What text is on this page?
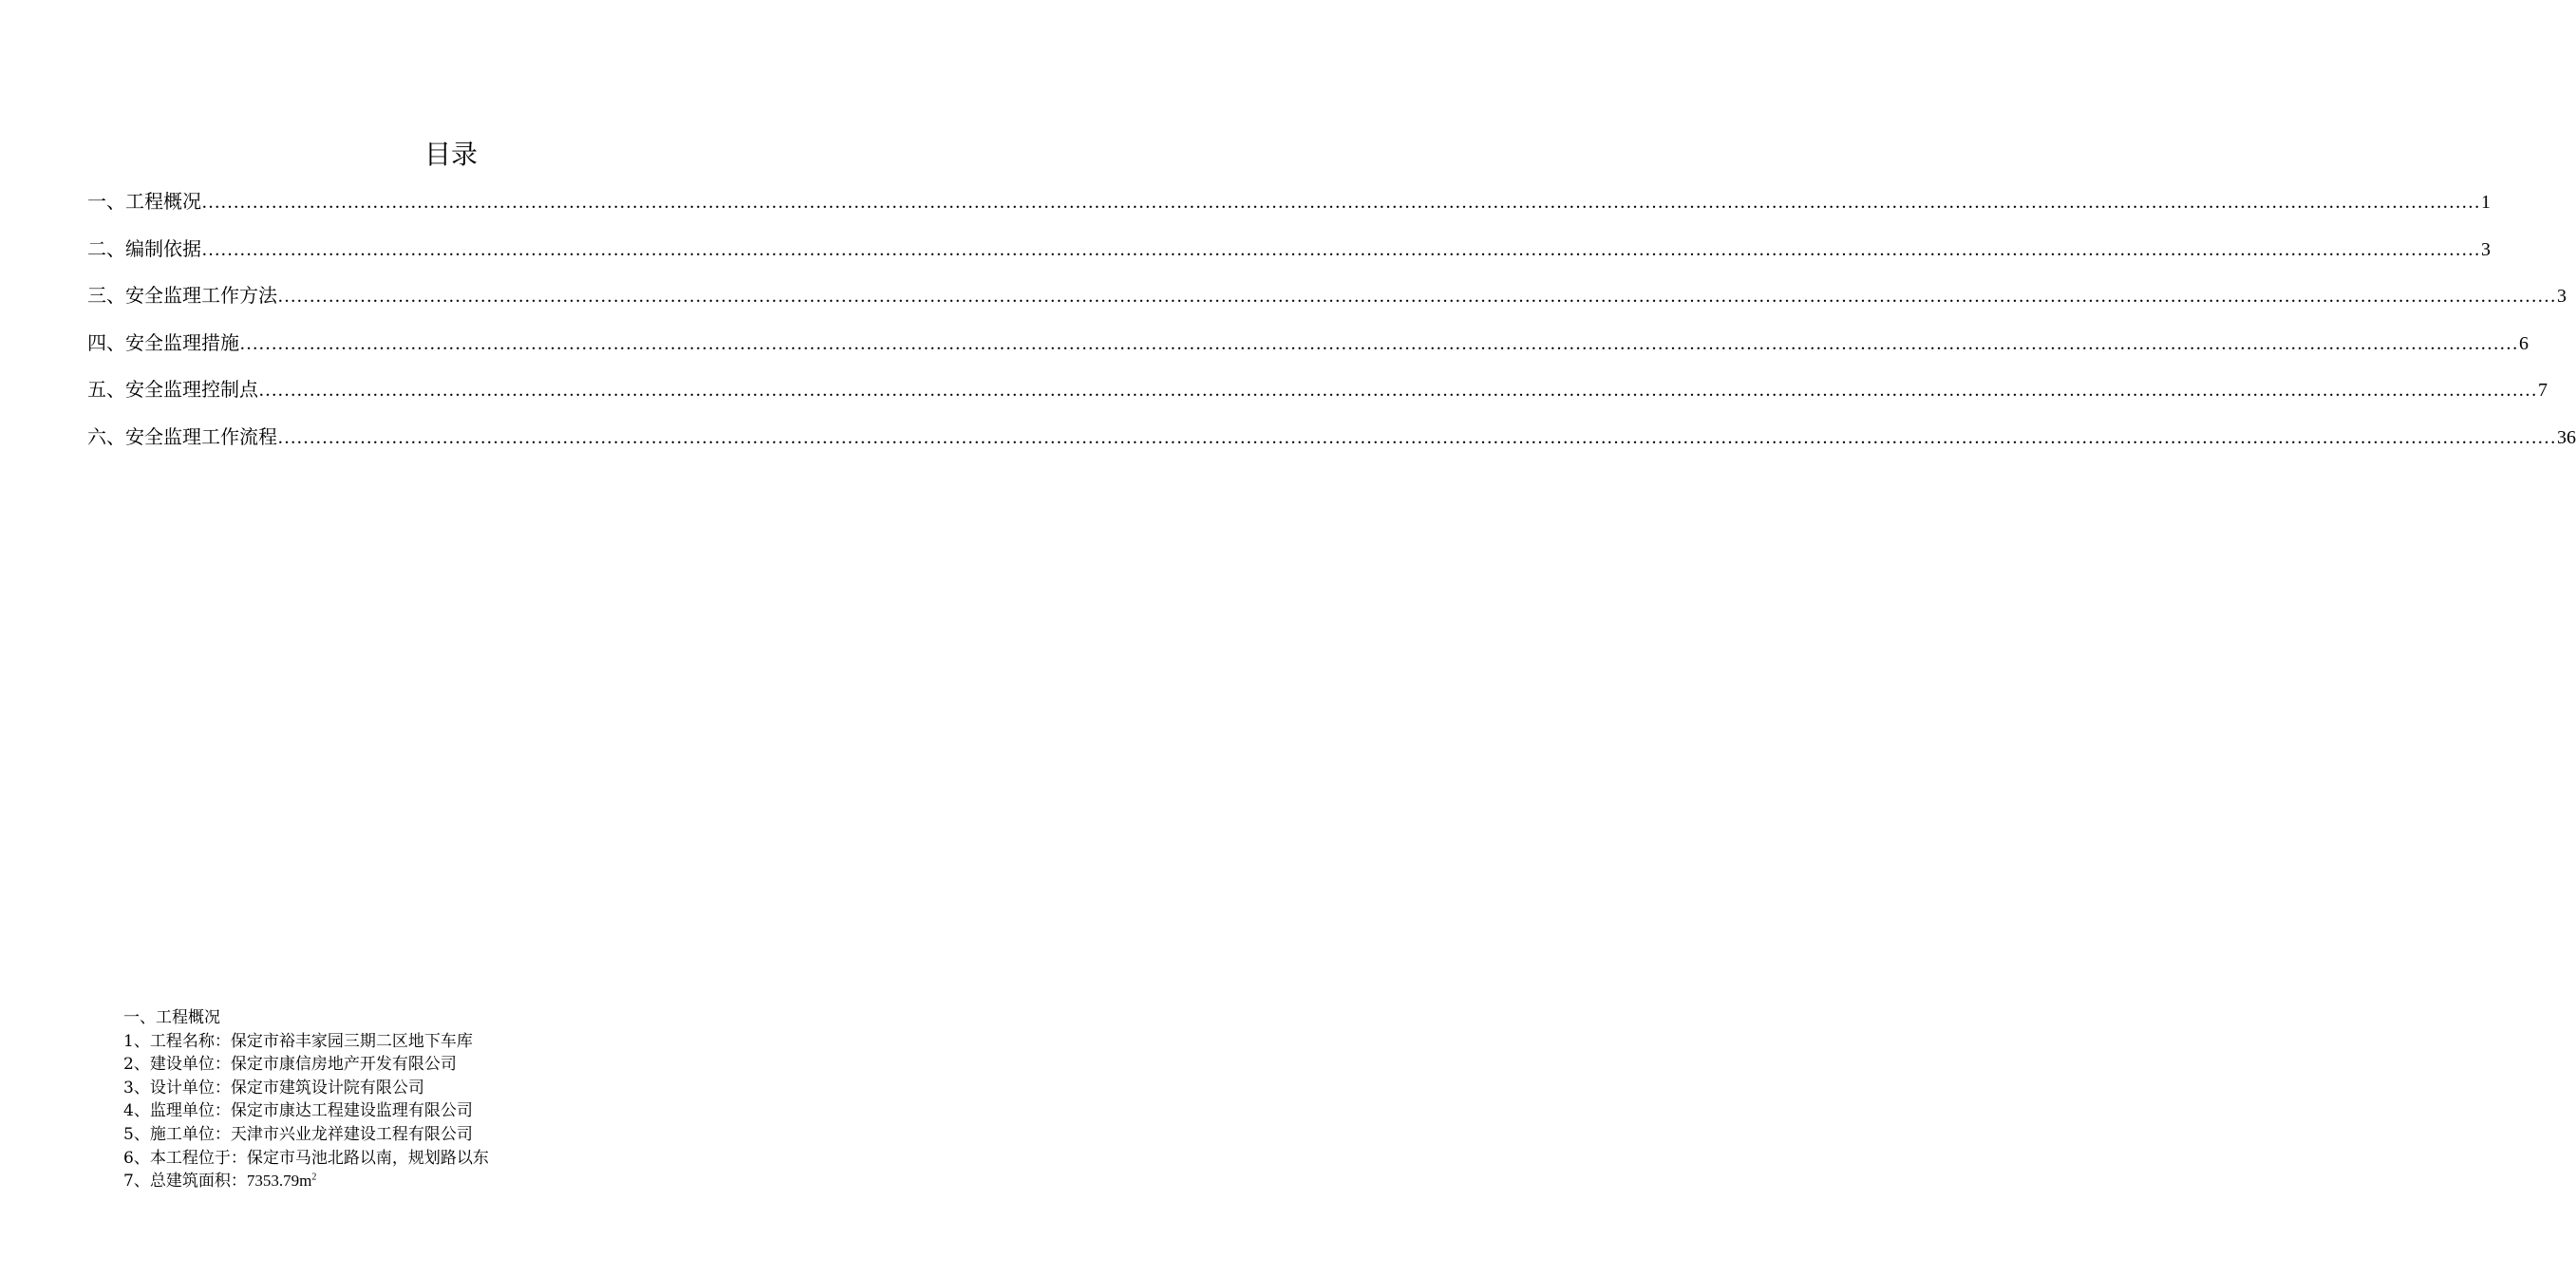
目录
一、工程概况 ……………………………………………………………………………………………………………………………………………………………………………………………………………………………………………………………………………………………………………………………… 1
二、编制依据 ……………………………………………………………………………………………………………………………………………………………………………………………………………………………………………………………………………………………………………………………… 3
三、安全监理工作方法 ……………………………………………………………………………………………………………………………………………………………………………………………………………………………………………………………………………………………………………………………… 3
四、安全监理措施 ……………………………………………………………………………………………………………………………………………………………………………………………………………………………………………………………………………………………………………………………… 6
五、安全监理控制点 ……………………………………………………………………………………………………………………………………………………………………………………………………………………………………………………………………………………………………………………………… 7
六、安全监理工作流程 ……………………………………………………………………………………………………………………………………………………………………………………………………………………………………………………………………………………………………………………………… 36
一、工程概况
1、工程名称：保定市裕丰家园三期二区地下车库
2、建设单位：保定市康信房地产开发有限公司
3、设计单位：保定市建筑设计院有限公司
4、监理单位：保定市康达工程建设监理有限公司
5、施工单位：天津市兴业龙祥建设工程有限公司
6、本工程位于：保定市马池北路以南，规划路以东
7、总建筑面积：$7353.79m^2$
